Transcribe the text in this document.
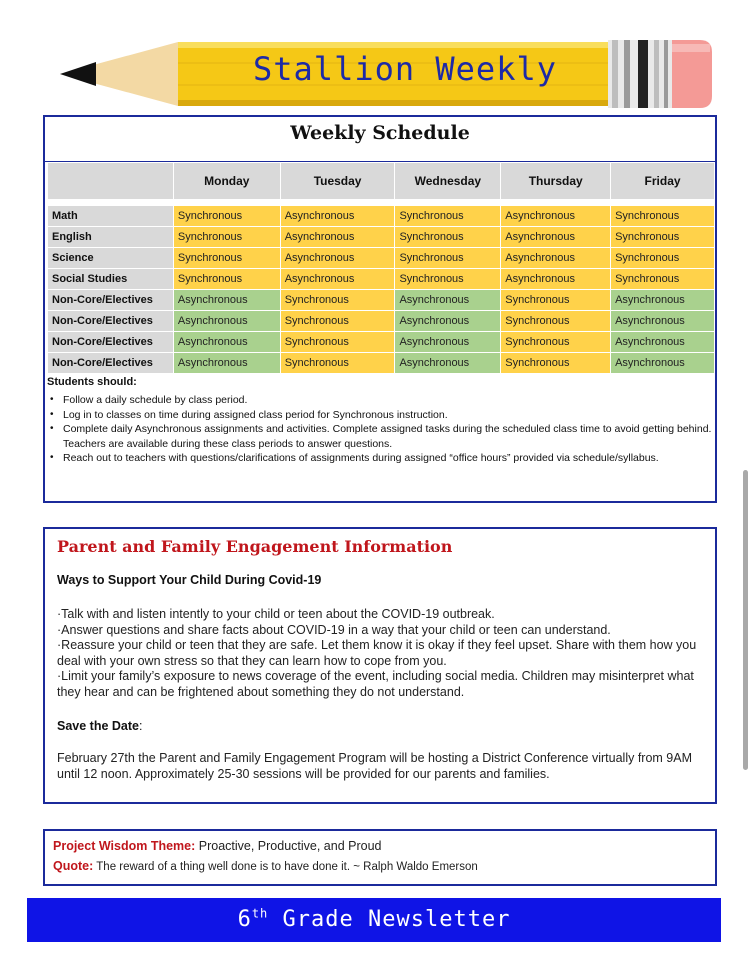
Stallion Weekly
Weekly Schedule
	Monday	Tuesday	Wednesday	Thursday	Friday

Math	Synchronous	Asynchronous	Synchronous	Asynchronous	Synchronous
English	Synchronous	Asynchronous	Synchronous	Asynchronous	Synchronous
Science	Synchronous	Asynchronous	Synchronous	Asynchronous	Synchronous
Social Studies	Synchronous	Asynchronous	Synchronous	Asynchronous	Synchronous
Non-Core/Electives	Asynchronous	Synchronous	Asynchronous	Synchronous	Asynchronous
Non-Core/Electives	Asynchronous	Synchronous	Asynchronous	Synchronous	Asynchronous
Non-Core/Electives	Asynchronous	Synchronous	Asynchronous	Synchronous	Asynchronous
Non-Core/Electives	Asynchronous	Synchronous	Asynchronous	Synchronous	Asynchronous
Students should:
• Follow a daily schedule by class period.
• Log in to classes on time during assigned class period for Synchronous instruction.
• Complete daily Asynchronous assignments and activities. Complete assigned tasks during the scheduled class time to avoid getting behind. Teachers are available during these class periods to answer questions.
• Reach out to teachers with questions/clarifications of assignments during assigned “office hours” provided via schedule/syllabus.
Parent and Family Engagement Information
Ways to Support Your Child During Covid-19

·Talk with and listen intently to your child or teen about the COVID-19 outbreak.

·Answer questions and share facts about COVID-19 in a way that your child or teen can understand.

·Reassure your child or teen that they are safe. Let them know it is okay if they feel upset. Share with them how you deal with your own stress so that they can learn how to cope from you.

·Limit your family’s exposure to news coverage of the event, including social media. Children may misinterpret what they hear and can be frightened about something they do not understand.

Save the Date:
February 27th the Parent and Family Engagement Program will be hosting a District Conference virtually from 9AM until 12 noon. Approximately 25-30 sessions will be provided for our parents and families.
Project Wisdom Theme: Proactive, Productive, and Proud
Quote: The reward of a thing well done is to have done it. ~ Ralph Waldo Emerson
6th Grade Newsletter
